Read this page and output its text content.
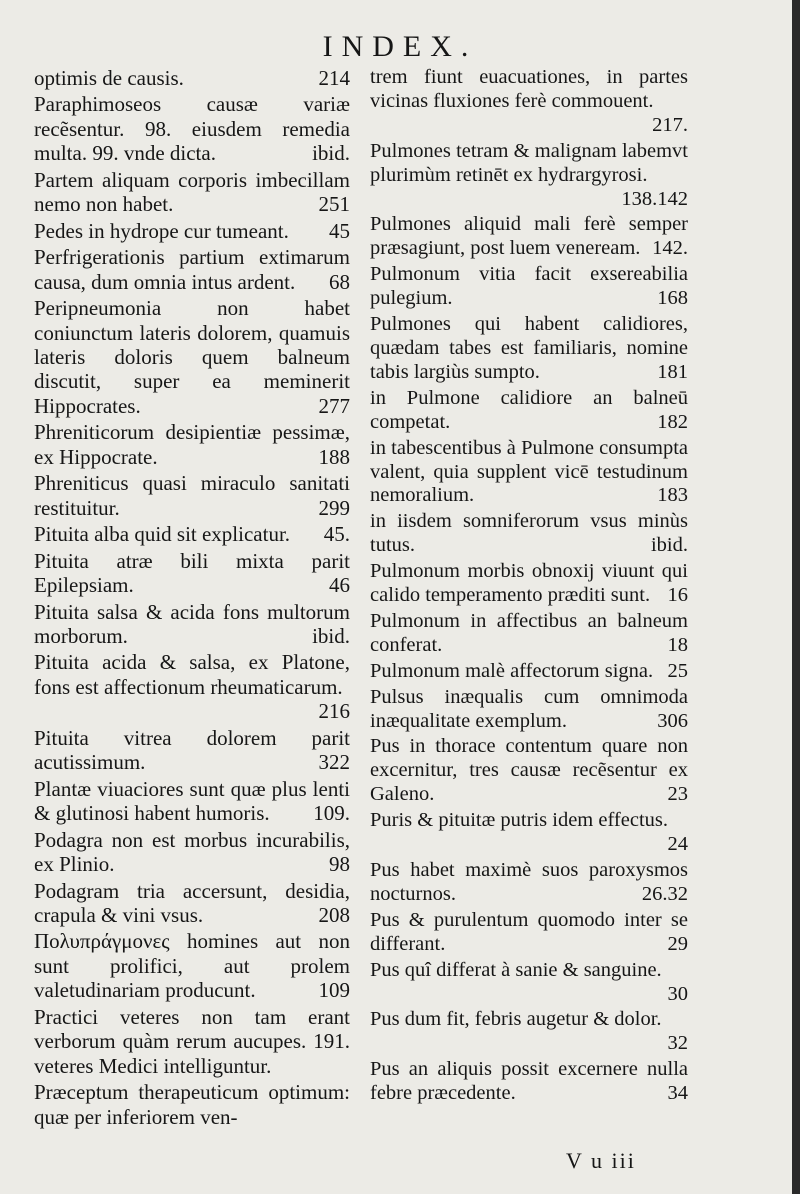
INDEX.
optimis de causis.	214
Paraphimoseos causæ variæ recẽsentur. 98. eiusdem remedia multa. 99. vnde dicta.	ibid.
Partem aliquam corporis imbecillam nemo non habet.	251
Pedes in hydrope cur tumeant. 45
Perfrigerationis partium extimarum causa, dum omnia intus ardent. 68
Peripneumonia non habet coniunctum lateris dolorem, quamuis lateris doloris quem balneum discutit, super ea meminerit Hippocrates.	277
Phreniticorum desipientiæ pessimæ, ex Hippocrate.	188
Phreniticus quasi miraculo sanitati restituitur.	299
Pituita alba quid sit explicatur. 45.
Pituita atræ bili mixta parit Epilepsiam.	46
Pituita salsa & acida fons multorum morborum.	ibid.
Pituita acida & salsa, ex Platone, fons est affectionum rheumaticarum.
216
Pituita vitrea dolorem parit acutissimum.	322
Plantæ viuaciores sunt quæ plus lenti & glutinosi habent humoris. 109.
Podagra non est morbus incurabilis, ex Plinio.	98
Podagram tria accersunt, desidia, crapula & vini vsus.	208
Πολυπράγμονες homines aut non sunt prolifici, aut prolem valetudinariam producunt.	109
Practici veteres non tam erant verborum quàm rerum aucupes. 191. veteres Medici intelliguntur.
Præceptum therapeuticum optimum: quæ per inferiorem ven-
trem fiunt euacuationes, in partes vicinas fluxiones ferè commouent.
217.
Pulmones tetram & malignam labemvt plurimùm retinēt ex hydrargyrosi.
138.142
Pulmones aliquid mali ferè semper præsagiunt, post luem veneream. 142.
Pulmonum vitia facit exsereabilia pulegium.	168
Pulmones qui habent calidiores, quædam tabes est familiaris, nomine tabis largiùs sumpto.	181
in Pulmone calidiore an balneū competat.	182
in tabescentibus à Pulmone consumpta valent, quia supplent vicē testudinum nemoralium.	183
in iisdem somniferorum vsus minùs tutus.	ibid.
Pulmonum morbis obnoxij viuunt qui calido temperamento præditi sunt. 16
Pulmonum in affectibus an balneum conferat.	18
Pulmonum malè affectorum signa. 25
Pulsus inæqualis cum omnimoda inæqualitate exemplum.	306
Pus in thorace contentum quare non excernitur, tres causæ recẽsentur ex Galeno.	23
Puris & pituitæ putris idem effectus.
24
Pus habet maximè suos paroxysmos nocturnos.	26.32
Pus & purulentum quomodo inter se differant.	29
Pus quî differat à sanie & sanguine.
30
Pus dum fit, febris augetur & dolor.
32
Pus an aliquis possit excernere nulla febre præcedente.	34
V u iii
